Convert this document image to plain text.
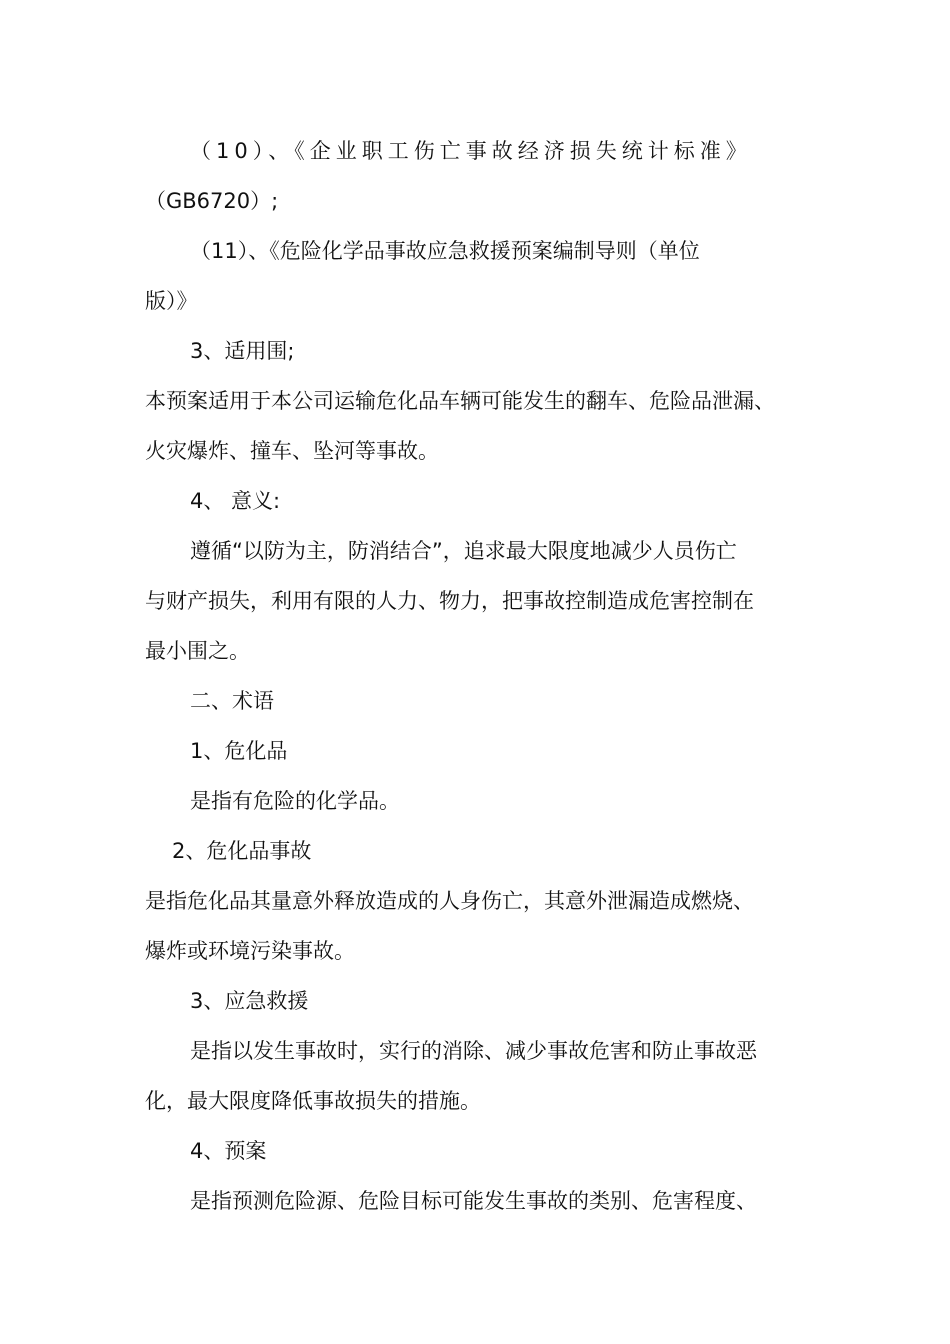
（10）、《企业职工伤亡事故经济损失统计标准》
（GB6720）;
（11）、《危险化学品事故应急救援预案编制导则（单位
版）》
3、适用围;
本预案适用于本公司运输危化品车辆可能发生的翻车、危险品泄漏、
火灾爆炸、撞车、坠河等事故。
4、 意义:
遵循“以防为主，防消结合”，追求最大限度地减少人员伤亡
与财产损失，利用有限的人力、物力，把事故控制造成危害控制在
最小围之。
二、术语
1、危化品
是指有危险的化学品。
2、危化品事故
是指危化品其量意外释放造成的人身伤亡，其意外泄漏造成燃烧、
爆炸或环境污染事故。
3、应急救援
是指以发生事故时，实行的消除、减少事故危害和防止事故恶
化，最大限度降低事故损失的措施。
4、预案
是指预测危险源、危险目标可能发生事故的类别、危害程度、
